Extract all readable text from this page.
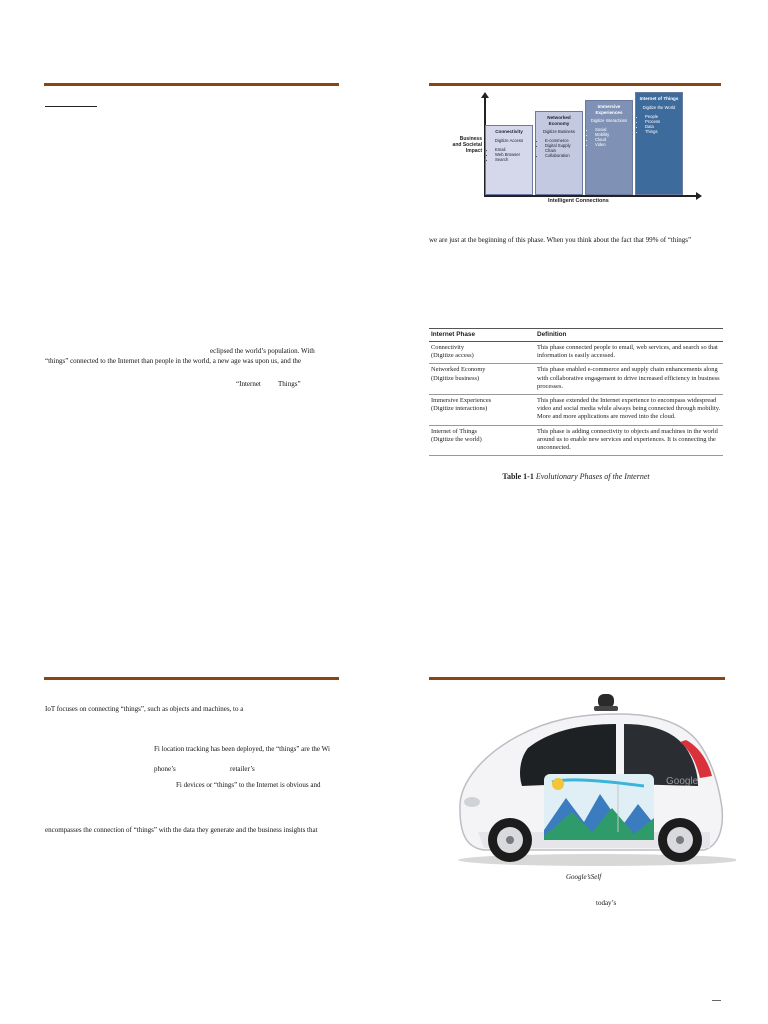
eclipsed the world’s population. With
“things” connected to the Internet than people in the world, a new age was upon us, and the
“Internet Things”
Business and Societal Impact
Intelligent Connections
Connectivity
Digitize Access
• Email
• Web Browser
• Search
Networked Economy
Digitize Business
• E-commerce
• Digital Supply Chain
• Collaboration
Immersive Experiences
Digitize Interactions
• Social
• Mobility
• Cloud
• Video
Internet of Things
Digitize the World
• People
• Process
• Data
• Things
we are just at the beginning of this phase. When you think about the fact that 99% of “things”
Internet Phase	Definition
Connectivity
(Digitize access)	This phase connected people to email, web services, and search so that information is easily accessed.
Networked Economy
(Digitize business)	This phase enabled e-commerce and supply chain enhancements along with collaborative engagement to drive increased efficiency in business processes.
Immersive Experiences
(Digitize interactions)	This phase extended the Internet experience to encompass widespread video and social media while always being connected through mobility. More and more applications are moved into the cloud.
Internet of Things
(Digitize the world)	This phase is adding connectivity to objects and machines in the world around us to enable new services and experiences. It is connecting the unconnected.
Table 1-1 Evolutionary Phases of the Internet
IoT focuses on connecting “things”, such as objects and machines, to a
Fi location tracking has been deployed, the “things” are the Wi
phone’s	retailer’s
Fi devices or “things” to the Internet is obvious and
encompasses the connection of “things” with the data they generate and the business insights that
Google
Google’sSelf
today’s
